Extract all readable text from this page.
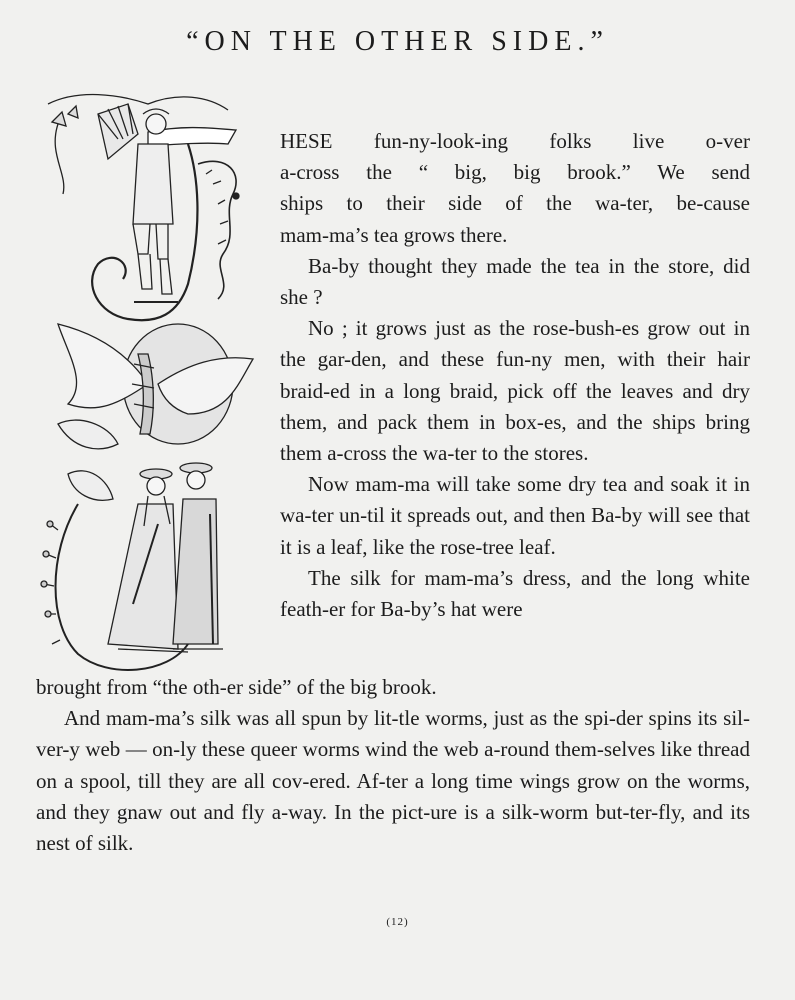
“ON THE OTHER SIDE.”

HESE fun-ny-look-ing folks live o-ver

a-cross the “ big, big brook.” We send

ships to their side of the wa-ter, be-cause

mam-ma’s tea grows there.

Ba-by thought they made the tea in the store, did she ?

No ; it grows just as the rose-bush-es grow out in the gar-den, and these fun-ny men, with their hair braid-ed in a long braid, pick off the leaves and dry them, and pack them in box-es, and the ships bring them a-cross the wa-ter to the stores.

Now mam-ma will take some dry tea and soak it in wa-ter un-til it spreads out, and then Ba-by will see that it is a leaf, like the rose-tree leaf.

The silk for mam-ma’s dress, and the long white feath-er for Ba-by’s hat were

brought from “the oth-er side” of the big brook.

And mam-ma’s silk was all spun by lit-tle worms, just as the spi-der spins its sil-ver-y web — on-ly these queer worms wind the web a-round them-selves like thread on a spool, till they are all cov-ered. Af-ter a long time wings grow on the worms, and they gnaw out and fly a-way. In the pict-ure is a silk-worm but-ter-fly, and its nest of silk.

(12)
